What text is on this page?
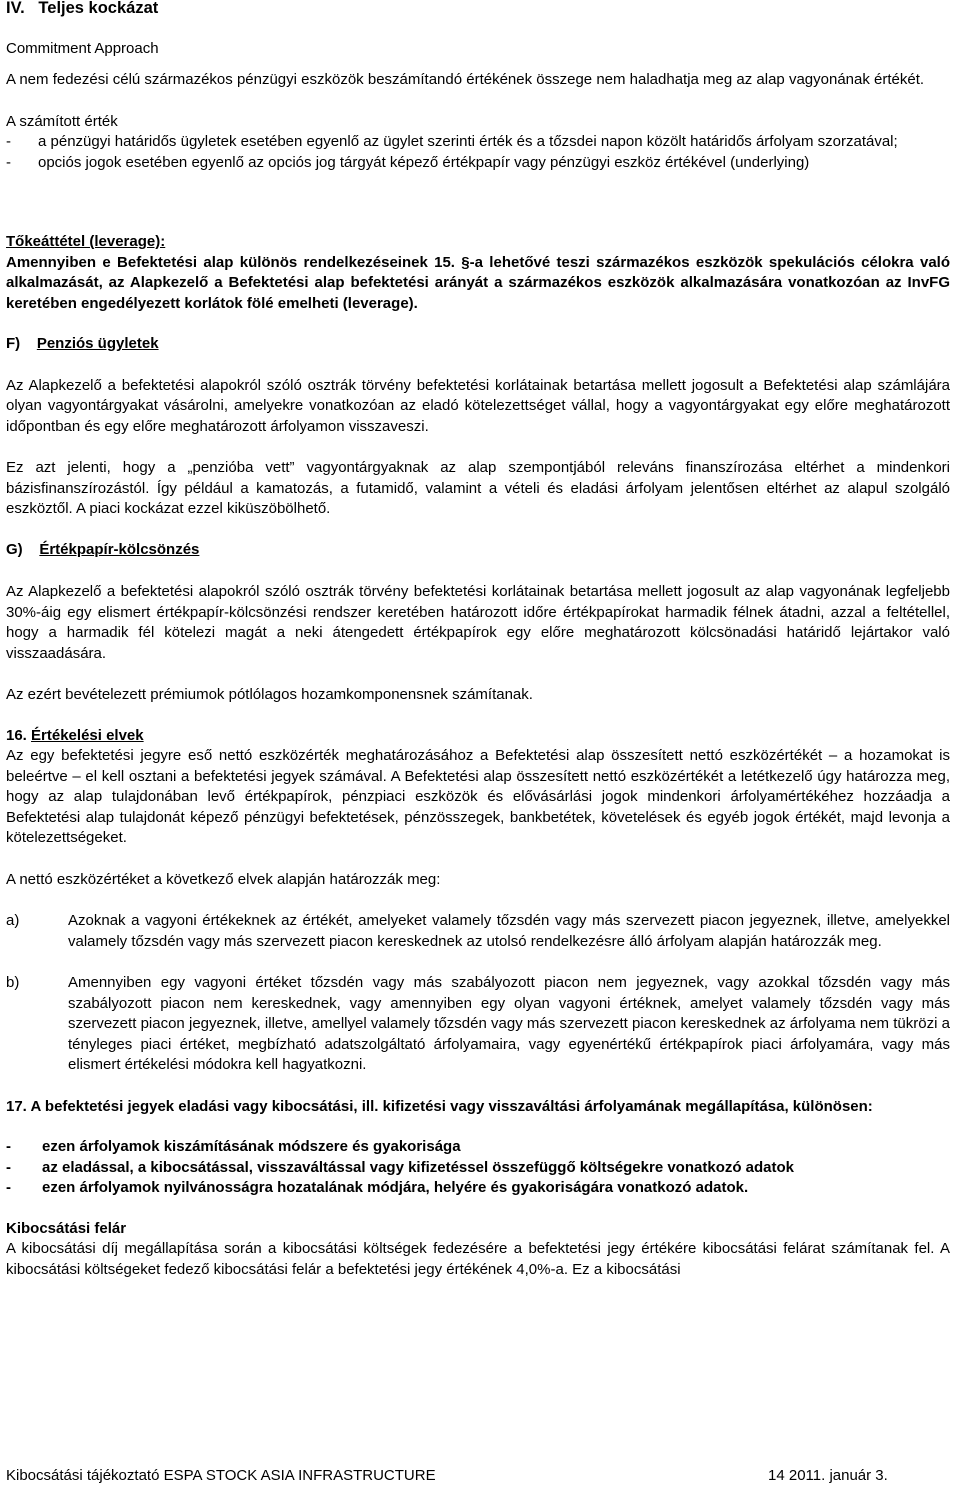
IV.   Teljes kockázat

Commitment Approach

A nem fedezési célú származékos pénzügyi eszközök beszámítandó értékének összege nem haladhatja meg az alap vagyonának értékét.

A számított érték

-	a pénzügyi határidős ügyletek esetében egyenlő az ügylet szerinti érték és a tőzsdei napon közölt határidős árfolyam szorzatával;
-	opciós jogok esetében egyenlő az opciós jog tárgyát képező értékpapír vagy pénzügyi eszköz értékével (underlying)

Tőkeáttétel (leverage):

Amennyiben e Befektetési alap különös rendelkezéseinek 15. §-a lehetővé teszi származékos eszközök spekulációs célokra való alkalmazását, az Alapkezelő a Befektetési alap befektetési arányát a származékos eszközök alkalmazására vonatkozóan az InvFG keretében engedélyezett korlátok fölé emelheti (leverage).

F)    Penziós ügyletek

Az Alapkezelő a befektetési alapokról szóló osztrák törvény befektetési korlátainak betartása mellett jogosult a Befektetési alap számlájára olyan vagyontárgyakat vásárolni, amelyekre vonatkozóan az eladó kötelezettséget vállal, hogy a vagyontárgyakat egy előre meghatározott időpontban és egy előre meghatározott árfolyamon visszaveszi.

Ez azt jelenti, hogy a „penzióba vett” vagyontárgyaknak az alap szempontjából releváns finanszírozása eltérhet a mindenkori bázisfinanszírozástól. Így például a kamatozás, a futamidő, valamint a vételi és eladási árfolyam jelentősen eltérhet az alapul szolgáló eszköztől. A piaci kockázat ezzel kiküszöbölhető.

G)    Értékpapír-kölcsönzés

Az Alapkezelő a befektetési alapokról szóló osztrák törvény befektetési korlátainak betartása mellett jogosult az alap vagyonának legfeljebb 30%-áig egy elismert értékpapír-kölcsönzési rendszer keretében határozott időre értékpapírokat harmadik félnek átadni, azzal a feltétellel, hogy a harmadik fél kötelezi magát a neki átengedett értékpapírok egy előre meghatározott kölcsönadási határidő lejártakor való visszaadására.

Az ezért bevételezett prémiumok pótlólagos hozamkomponensnek számítanak.

16. Értékelési elvek

Az egy befektetési jegyre eső nettó eszközérték meghatározásához a Befektetési alap összesített nettó eszközértékét – a hozamokat is beleértve – el kell osztani a befektetési jegyek számával. A Befektetési alap összesített nettó eszközértékét a letétkezelő úgy határozza meg, hogy az alap tulajdonában levő értékpapírok, pénzpiaci eszközök és elővásárlási jogok mindenkori árfolyamértékéhez hozzáadja a Befektetési alap tulajdonát képező pénzügyi befektetések, pénzösszegek, bankbetétek, követelések és egyéb jogok értékét, majd levonja a kötelezettségeket.

A nettó eszközértéket a következő elvek alapján határozzák meg:

a)	Azoknak a vagyoni értékeknek az értékét, amelyeket valamely tőzsdén vagy más szervezett piacon jegyeznek, illetve, amelyekkel valamely tőzsdén vagy más szervezett piacon kereskednek az utolsó rendelkezésre álló árfolyam alapján határozzák meg.
b)	Amennyiben egy vagyoni értéket tőzsdén vagy más szabályozott piacon nem jegyeznek, vagy azokkal tőzsdén vagy más szabályozott piacon nem kereskednek, vagy amennyiben egy olyan vagyoni értéknek, amelyet valamely tőzsdén vagy más szervezett piacon jegyeznek, illetve, amellyel valamely tőzsdén vagy más szervezett piacon kereskednek az árfolyama nem tükrözi a tényleges piaci értéket, megbízható adatszolgáltató árfolyamaira, vagy egyenértékű értékpapírok piaci árfolyamára, vagy más elismert értékelési módokra kell hagyatkozni.

17. A befektetési jegyek eladási vagy kibocsátási, ill. kifizetési vagy visszaváltási árfolyamának megállapítása, különösen:

-	ezen árfolyamok kiszámításának módszere és gyakorisága
-	az eladással, a kibocsátással, visszaváltással vagy kifizetéssel összefüggő költségekre vonatkozó adatok
-	ezen árfolyamok nyilvánosságra hozatalának módjára, helyére és gyakoriságára vonatkozó adatok.

Kibocsátási felár

A kibocsátási díj megállapítása során a kibocsátási költségek fedezésére a befektetési jegy értékére kibocsátási felárat számítanak fel. A kibocsátási költségeket fedező kibocsátási felár a befektetési jegy értékének 4,0%-a. Ez a kibocsátási

Kibocsátási tájékoztató ESPA STOCK ASIA INFRASTRUCTURE	14 2011. január 3.
